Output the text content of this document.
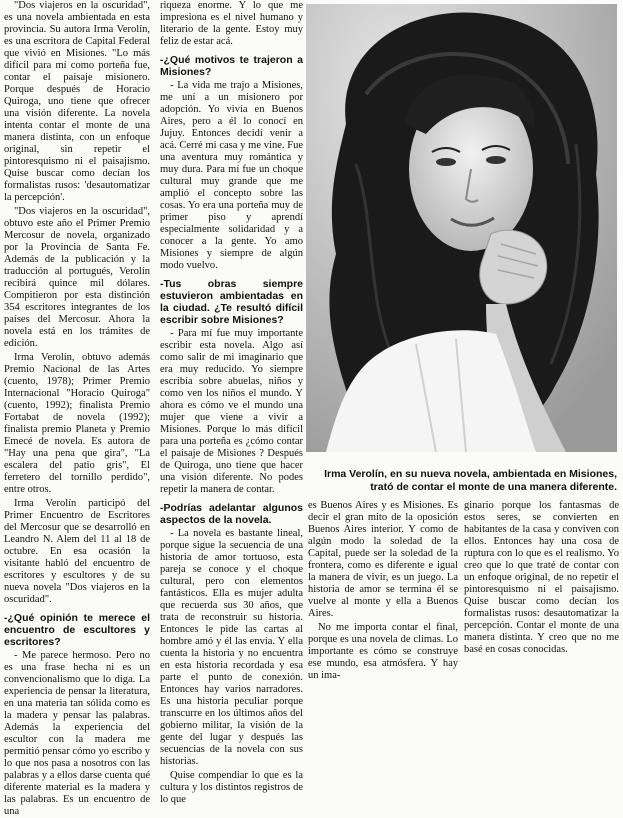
"Dos viajeros en la oscuridad", es una novela ambientada en esta provincia. Su autora Irma Verolín, es una escritora de Capital Federal que vivió en Misiones. "Lo más difícil para mí como porteña fue, contar el paisaje misionero. Porque después de Horacio Quiroga, uno tiene que ofrecer una visión diferente. La novela intenta contar el monte de una manera distinta, con un enfoque original, sin repetir el pintoresquismo ni el paisajismo. Quise buscar como decían los formalistas rusos: 'desautomatizar la percepción'.

"Dos viajeros en la oscuridad", obtuvo este año el Primer Premio Mercosur de novela, organizado por la Provincia de Santa Fe. Además de la publicación y la traducción al portugués, Verolín recibirá quince mil dólares. Compitieron por esta distinción 354 escritores integrantes de los países del Mercosur. Ahora la novela está en los trámites de edición.

Irma Verolín, obtuvo además Premio Nacional de las Artes (cuento, 1978); Primer Premio Internacional "Horacio Quiroga" (cuento, 1992); finalista Premio Fortabat de novela (1992); finalista premio Planeta y Premio Emecé de novela. Es autora de "Hay una pena que gira", "La escalera del patio gris", El ferretero del tornillo perdido", entre otros.

Irma Verolín participó del Primer Encuentro de Escritores del Mercosur que se desarrolló en Leandro N. Alem del 11 al 18 de octubre. En esa ocasión la visitante habló del encuentro de escritores y escultores y de su nueva novela "Dos viajeros en la oscuridad".

-¿Qué opinión te merece el encuentro de escultores y escritores?

- Me parece hermoso. Pero no es una frase hecha ni es un convencionalismo que lo diga. La experiencia de pensar la literatura, en una materia tan sólida como es la madera y pensar las palabras. Además la experiencia del escultor con la madera me permitió pensar cómo yo escribo y lo que nos pasa a nosotros con las palabras y a ellos darse cuenta qué diferente material es la madera y las palabras. Es un encuentro de una

riqueza enorme. Y lo que me impresiona es el nivel humano y literario de la gente. Estoy muy feliz de estar acá.

-¿Qué motivos te trajeron a Misiones?

- La vida me trajo a Misiones, me uní a un misionero por adopción. Yo vivía en Buenos Aires, pero a él lo conocí en Jujuy. Entonces decidí venir a acá. Cerré mi casa y me vine. Fue una aventura muy romántica y muy dura. Para mí fue un choque cultural muy grande que me amplió el concepto sobre las cosas. Yo era una porteña muy de primer piso y aprendí especialmente solidaridad y a conocer a la gente. Yo amo Misiones y siempre de algún modo vuelvo.

-Tus obras siempre estuvieron ambientadas en la ciudad. ¿Te resultó difícil escribir sobre Misiones?

- Para mí fue muy importante escribir esta novela. Algo así como salir de mi imaginario que era muy reducido. Yo siempre escribía sobre abuelas, niños y como ven los niños el mundo. Y ahora es cómo ve el mundo una mujer que viene a vivir a Misiones. Porque lo más difícil para una porteña es ¿cómo contar el paisaje de Misiones ? Después de Quiroga, uno tiene que hacer una visión diferente. No podes repetir la manera de contar.

-Podrías adelantar algunos aspectos de la novela.

- La novela es bastante lineal, porque sigue la secuencia de una historia de amor tortuoso, esta pareja se conoce y el choque cultural, pero con elementos fantásticos. Ella es mujer adulta que recuerda sus 30 años, que trata de reconstruir su historia. Entonces le pide las cartas al hombre amó y él las envía. Y ella cuenta la historia y no encuentra en esta historia recordada y esa parte el punto de conexión. Entonces hay varios narradores. Es una historia peculiar porque transcurre en los últimos años del gobierno militar, la visión de la gente del lugar y después las secuencias de la novela con sus historias.

Quise compendiar lo que es la cultura y los distintos registros de lo que

Irma Verolín, en su nueva novela, ambientada en Misiones, trató de contar el monte de una manera diferente.

es Buenos Aires y es Misiones. Es decir el gran mito de la oposición Buenos Aires interior. Y como de algún modo la soledad de la Capital, puede ser la soledad de la frontera, como es diferente e igual la manera de vivir, es un juego. La historia de amor se termina él se vuelve al monte y ella a Buenos Aires.

No me importa contar el final, porque es una novela de climas. Lo importante es cómo se construye ese mundo, esa atmósfera. Y hay un ima-

ginario porque los fantasmas de estos seres, se convierten en habitantes de la casa y conviven con ellos. Entonces hay una cosa de ruptura con lo que es el realismo. Yo creo que lo que traté de contar con un enfoque original, de no repetir el pintoresquismo ni el paisajismo. Quise buscar como decían los formalistas rusos: desautomatizar la percepción. Contar el monte de una manera distinta. Y creo que no me basé en cosas conocidas.
